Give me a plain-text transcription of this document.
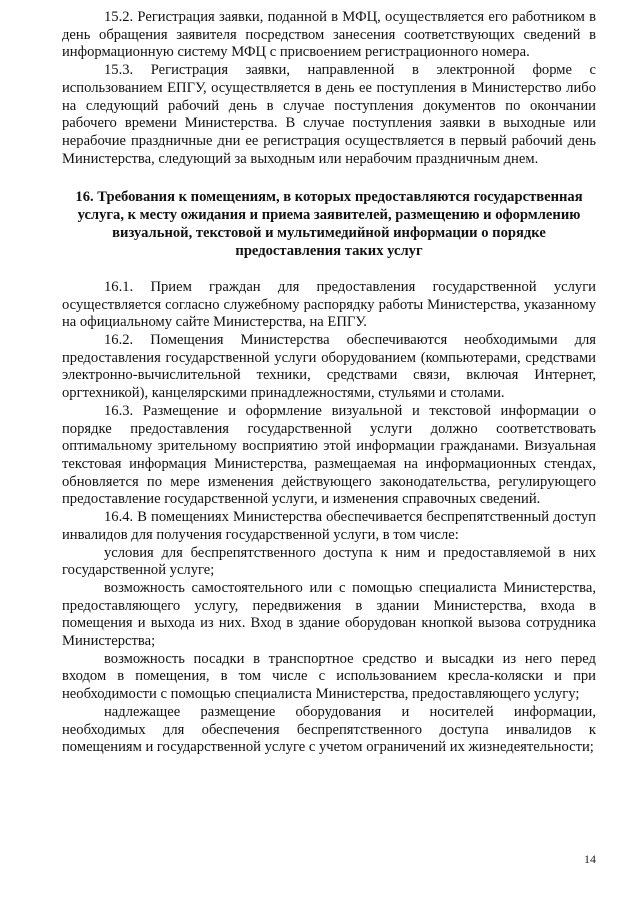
15.2. Регистрация заявки, поданной в МФЦ, осуществляется его работником в день обращения заявителя посредством занесения соответствующих сведений в информационную систему МФЦ с присвоением регистрационного номера.

15.3. Регистрация заявки, направленной в электронной форме с использованием ЕПГУ, осуществляется в день ее поступления в Министерство либо на следующий рабочий день в случае поступления документов по окончании рабочего времени Министерства. В случае поступления заявки в выходные или нерабочие праздничные дни ее регистрация осуществляется в первый рабочий день Министерства, следующий за выходным или нерабочим праздничным днем.

16. Требования к помещениям, в которых предоставляются государственная услуга, к месту ожидания и приема заявителей, размещению и оформлению визуальной, текстовой и мультимедийной информации о порядке предоставления таких услуг

16.1. Прием граждан для предоставления государственной услуги осуществляется согласно служебному распорядку работы Министерства, указанному на официальному сайте Министерства, на ЕПГУ.

16.2. Помещения Министерства обеспечиваются необходимыми для предоставления государственной услуги оборудованием (компьютерами, средствами электронно-вычислительной техники, средствами связи, включая Интернет, оргтехникой), канцелярскими принадлежностями, стульями и столами.

16.3. Размещение и оформление визуальной и текстовой информации о порядке предоставления государственной услуги должно соответствовать оптимальному зрительному восприятию этой информации гражданами. Визуальная текстовая информация Министерства, размещаемая на информационных стендах, обновляется по мере изменения действующего законодательства, регулирующего предоставление государственной услуги, и изменения справочных сведений.

16.4. В помещениях Министерства обеспечивается беспрепятственный доступ инвалидов для получения государственной услуги, в том числе:

условия для беспрепятственного доступа к ним и предоставляемой в них государственной услуге;

возможность самостоятельного или с помощью специалиста Министерства, предоставляющего услугу, передвижения в здании Министерства, входа в помещения и выхода из них. Вход в здание оборудован кнопкой вызова сотрудника Министерства;

возможность посадки в транспортное средство и высадки из него перед входом в помещения, в том числе с использованием кресла-коляски и при необходимости с помощью специалиста Министерства, предоставляющего услугу;

надлежащее размещение оборудования и носителей информации, необходимых для обеспечения беспрепятственного доступа инвалидов к помещениям и государственной услуге с учетом ограничений их жизнедеятельности;

14
